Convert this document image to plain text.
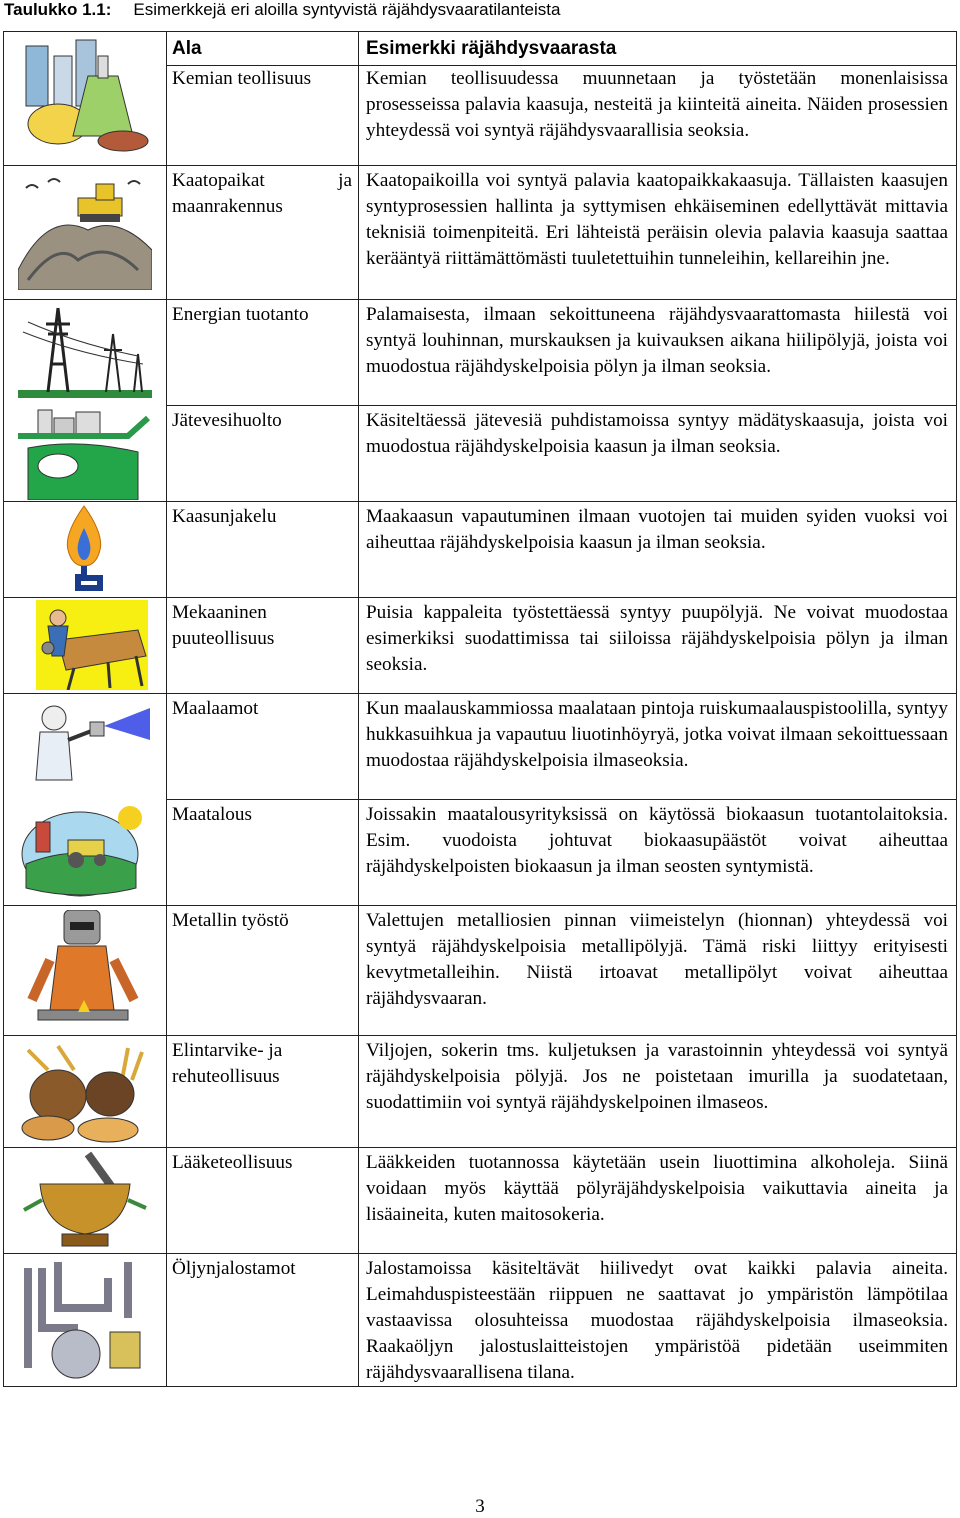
Taulukko 1.1: Esimerkkejä eri aloilla syntyvistä räjähdysvaaratilanteista
	Ala	Esimerkki räjähdysvaarasta
	Kemian teollisuus	Kemian teollisuudessa muunnetaan ja työstetään monenlaisissa prosesseissa palavia kaasuja, nesteitä ja kiinteitä aineita. Näiden prosessien yhteydessä voi syntyä räjähdysvaarallisia seoksia.

Kaatopaikat ja maanrakennus	Kaatopaikoilla voi syntyä palavia kaatopaikkakaasuja. Tällaisten kaasujen syntyprosessien hallinta ja syttymisen ehkäiseminen edellyttävät mittavia teknisiä toimenpiteitä. Eri lähteistä peräisin olevia palavia kaasuja saattaa kerääntyä riittämättömästi tuuletettuihin tunneleihin, kellareihin jne.

	Energian tuotanto	Palamaisesta, ilmaan sekoittuneena räjähdysvaarattomasta hiilestä voi syntyä louhinnan, murskauksen ja kuivauksen aikana hiilipölyjä, joista voi muodostua räjähdyskelpoisia pölyn ja ilman seoksia.
	Jätevesihuolto	Käsiteltäessä jätevesiä puhdistamoissa syntyy mädätyskaasuja, joista voi muodostua räjähdyskelpoisia kaasun ja ilman seoksia.

	Kaasunjakelu	Maakaasun vapautuminen ilmaan vuotojen tai muiden syiden vuoksi voi aiheuttaa räjähdyskelpoisia kaasun ja ilman seoksia.

	Mekaaninen puuteollisuus	Puisia kappaleita työstettäessä syntyy puupölyjä. Ne voivat muodostaa esimerkiksi suodattimissa tai siiloissa räjähdyskelpoisia pölyn ja ilman seoksia.

	Maalaamot	Kun maalauskammiossa maalataan pintoja ruiskumaalauspistoolilla, syntyy hukkasuihkua ja vapautuu liuotinhöyryä, jotka voivat ilmaan sekoittuessaan muodostaa räjähdyskelpoisia ilmaseoksia.
	Maatalous	Joissakin maatalousyrityksissä on käytössä biokaasun tuotantolaitoksia. Esim. vuodoista johtuvat biokaasupäästöt voivat aiheuttaa räjähdyskelpoisten biokaasun ja ilman seosten syntymistä.

	Metallin työstö	Valettujen metalliosien pinnan viimeistelyn (hionnan) yhteydessä voi syntyä räjähdyskelpoisia metallipölyjä. Tämä riski liittyy erityisesti kevytmetalleihin. Niistä irtoavat metallipölyt voivat aiheuttaa räjähdysvaaran.

	Elintarvike- ja rehuteollisuus	Viljojen, sokerin tms. kuljetuksen ja varastoinnin yhteydessä voi syntyä räjähdyskelpoisia pölyjä. Jos ne poistetaan imurilla ja suodatetaan, suodattimiin voi syntyä räjähdyskelpoinen ilmaseos.

	Lääketeollisuus	Lääkkeiden tuotannossa käytetään usein liuottimina alkoholeja. Siinä voidaan myös käyttää pölyräjähdyskelpoisia vaikuttavia aineita ja lisäaineita, kuten maitosokeria.

	Öljynjalostamot	Jalostamoissa käsiteltävät hiilivedyt ovat kaikki palavia aineita. Leimahduspisteestään riippuen ne saattavat jo ympäristön lämpötilaa vastaavissa olosuhteissa muodostaa räjähdyskelpoisia ilmaseoksia. Raakaöljyn jalostuslaitteistojen ympäristöä pidetään useimmiten räjähdysvaarallisena tilana.
3
